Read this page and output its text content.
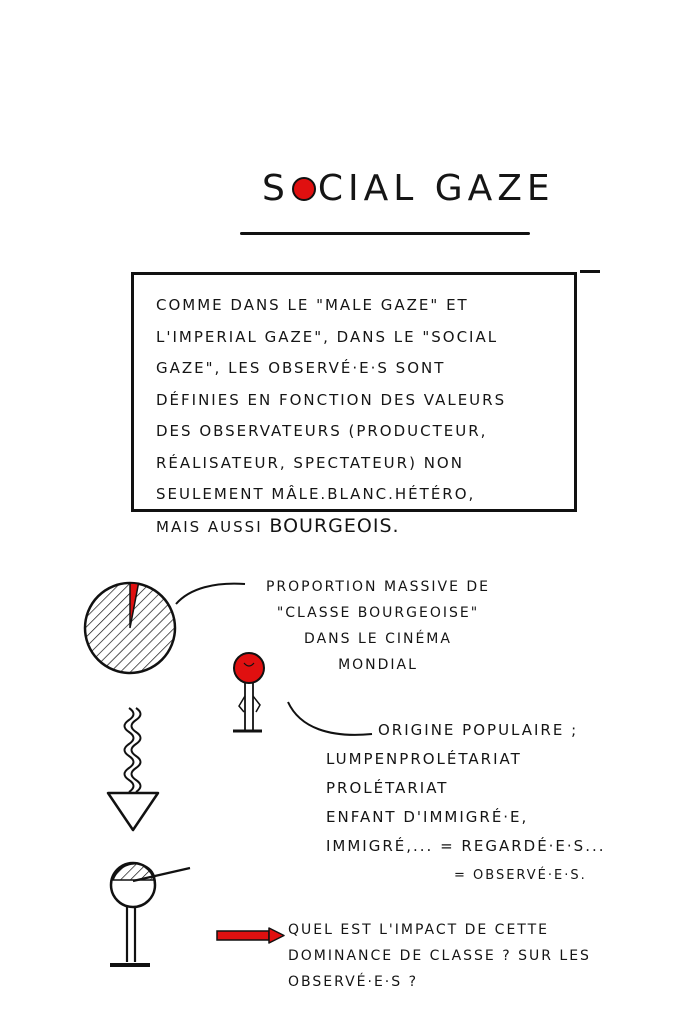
S CIAL GAZE

COMME DANS LE "MALE GAZE" ET
L'IMPERIAL GAZE", DANS LE "SOCIAL
GAZE", LES OBSERVÉ·E·S SONT
DÉFINIES EN FONCTION DES VALEURS
DES OBSERVATEURS (PRODUCTEUR,
RÉALISATEUR, SPECTATEUR) NON
SEULEMENT MÂLE.BLANC.HÉTÉRO,
MAIS AUSSI BOURGEOIS.

PROPORTION MASSIVE DE
"CLASSE BOURGEOISE"
DANS LE CINÉMA
MONDIAL
ORIGINE POPULAIRE ;
LUMPENPROLÉTARIAT
PROLÉTARIAT
ENFANT D'IMMIGRÉ·E,
IMMIGRÉ,... = REGARDÉ·E·S...
= OBSERVÉ·E·S.
QUEL EST L'IMPACT DE CETTE
DOMINANCE DE CLASSE ? SUR LES
OBSERVÉ·E·S ?
